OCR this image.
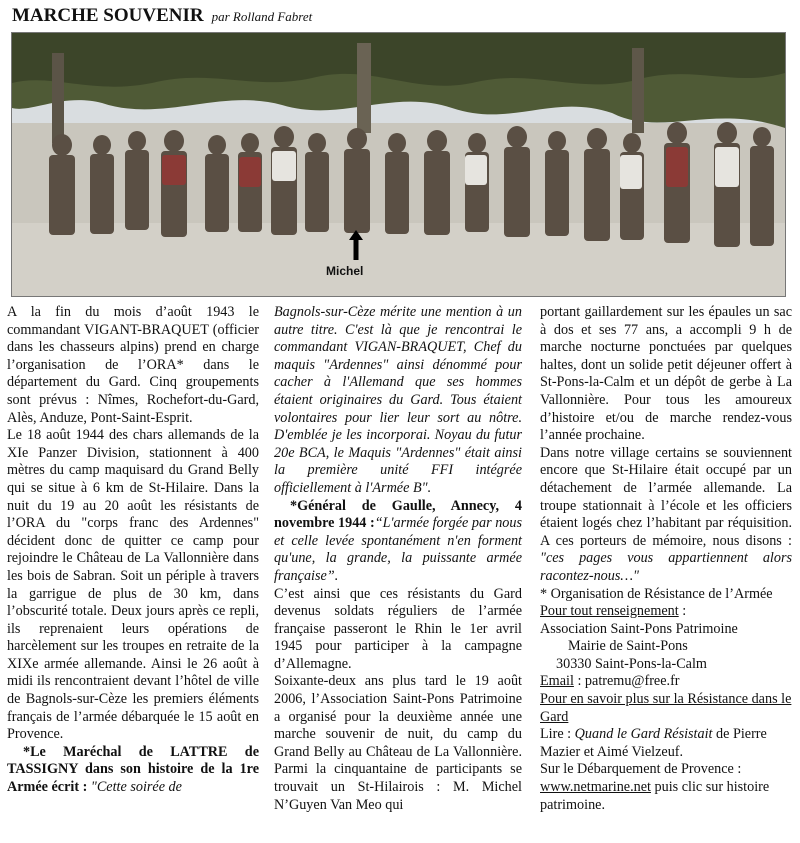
MARCHE SOUVENIR par Rolland Fabret
Michel

A la fin du mois d’août 1943 le commandant VIGANT-BRAQUET (officier dans les chasseurs alpins) prend en charge l’organisation de l’ORA* dans le département du Gard. Cinq groupements sont prévus : Nîmes, Rochefort-du-Gard, Alès, Anduze, Pont-Saint-Esprit.

Le 18 août 1944 des chars allemands de la XIe Panzer Division, stationnent à 400 mètres du camp maquisard du Grand Belly qui se situe à 6 km de St-Hilaire. Dans la nuit du 19 au 20 août les résistants de l’ORA du "corps franc des Ardennes" décident donc de quitter ce camp pour rejoindre le Château de La Vallonnière dans les bois de Sabran. Soit un périple à travers la garrigue de plus de 30 km, dans l’obscurité totale. Deux jours après ce repli, ils reprenaient leurs opérations de harcèlement sur les troupes en retraite de la XIXe armée allemande. Ainsi le 26 août à midi ils rencontraient devant l’hôtel de ville de Bagnols-sur-Cèze les premiers éléments français de l’armée débarquée le 15 août en Provence.

*Le Maréchal de LATTRE de TASSIGNY dans son histoire de la 1re Armée écrit : "Cette soirée de

Bagnols-sur-Cèze mérite une mention à un autre titre. C'est là que je rencontrai le commandant VIGAN-BRAQUET, Chef du maquis "Ardennes" ainsi dénommé pour cacher à l'Allemand que ses hommes étaient originaires du Gard. Tous étaient volontaires pour lier leur sort au nôtre. D'emblée je les incorporai. Noyau du futur 20e BCA, le Maquis "Ardennes" était ainsi la première unité FFI intégrée officiellement à l'Armée B".

*Général de Gaulle, Annecy, 4 novembre 1944 :“L'armée forgée par nous et celle levée spontanément n'en forment qu'une, la grande, la puissante armée française”.

C’est ainsi que ces résistants du Gard devenus soldats réguliers de l’armée française passeront le Rhin le 1er avril 1945 pour participer à la campagne d’Allemagne.

Soixante-deux ans plus tard le 19 août 2006, l’Association Saint-Pons Patrimoine a organisé pour la deuxième année une marche souvenir de nuit, du camp du Grand Belly au Château de La Vallonnière. Parmi la cinquantaine de participants se trouvait un St-Hilairois : M. Michel N’Guyen Van Meo qui

portant gaillardement sur les épaules un sac à dos et ses 77 ans, a accompli 9 h de marche nocturne ponctuées par quelques haltes, dont un solide petit déjeuner offert à St-Pons-la-Calm et un dépôt de gerbe à La Vallonnière. Pour tous les amoureux d’histoire et/ou de marche rendez-vous l’année prochaine.

Dans notre village certains se souviennent encore que St-Hilaire était occupé par un détachement de l’armée allemande. La troupe stationnait à l’école et les officiers étaient logés chez l’habitant par réquisition. A ces porteurs de mémoire, nous disons : "ces pages vous appartiennent alors racontez-nous…"

* Organisation de Résistance de l’Armée
Pour tout renseignement :
Association Saint-Pons Patrimoine
Mairie de Saint-Pons
30330 Saint-Pons-la-Calm
Email : patremu@free.fr

Pour en savoir plus sur la Résistance dans le Gard

Lire : Quand le Gard Résistait de Pierre Mazier et Aimé Vielzeuf.

Sur le Débarquement de Provence : www.netmarine.net puis clic sur histoire patrimoine.
